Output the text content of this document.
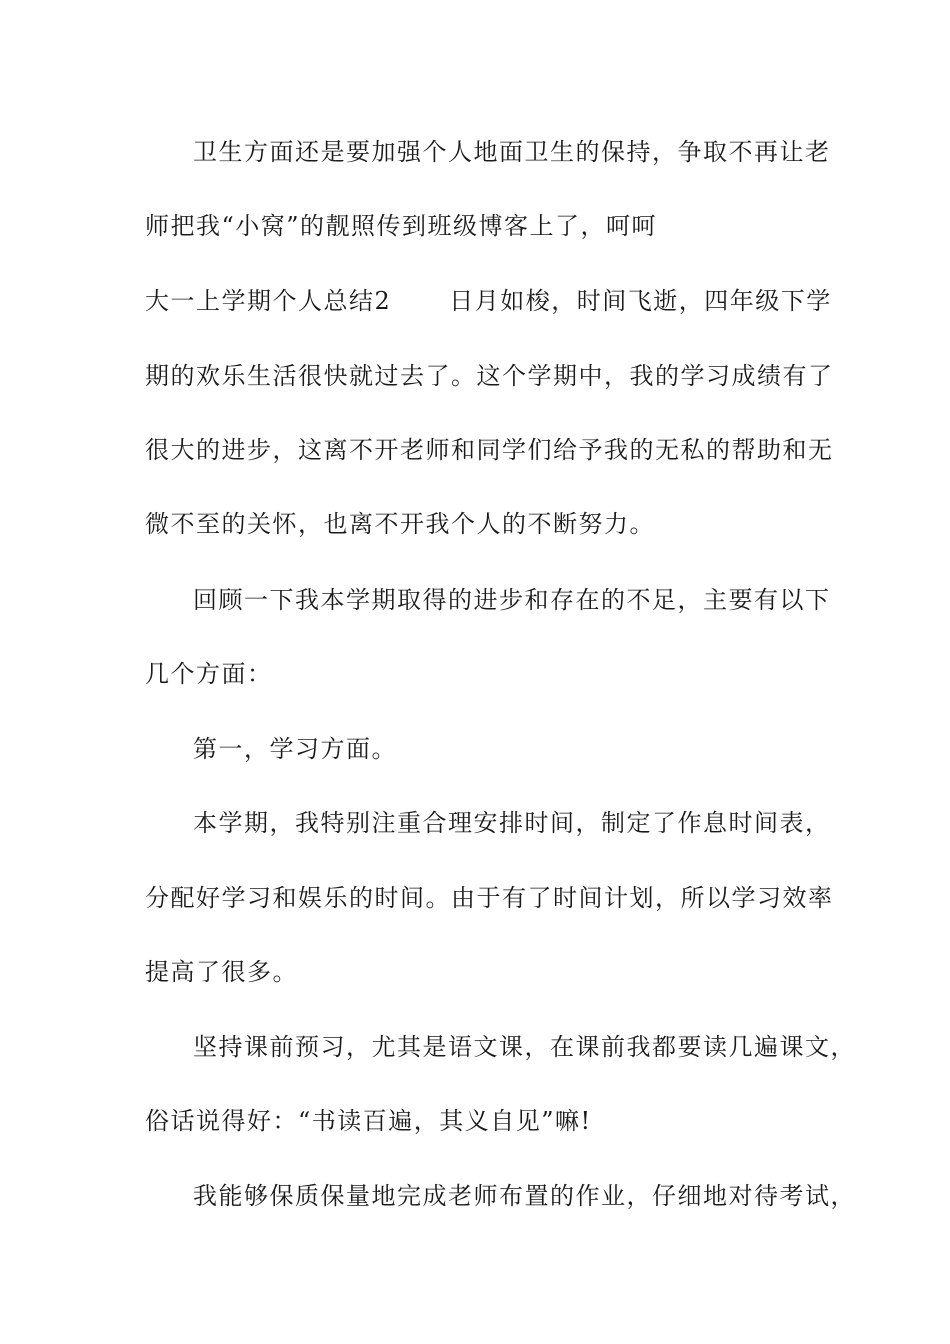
卫生方面还是要加强个人地面卫生的保持，争取不再让老
师把我“小窝”的靓照传到班级博客上了，呵呵
大一上学期个人总结2 日月如梭，时间飞逝，四年级下学
期的欢乐生活很快就过去了。这个学期中，我的学习成绩有了
很大的进步，这离不开老师和同学们给予我的无私的帮助和无
微不至的关怀，也离不开我个人的不断努力。
回顾一下我本学期取得的进步和存在的不足，主要有以下
几个方面：
第一，学习方面。
本学期，我特别注重合理安排时间，制定了作息时间表，
分配好学习和娱乐的时间。由于有了时间计划，所以学习效率
提高了很多。
坚持课前预习，尤其是语文课，在课前我都要读几遍课文，
俗话说得好：“书读百遍，其义自见”嘛!
我能够保质保量地完成老师布置的作业，仔细地对待考试，
